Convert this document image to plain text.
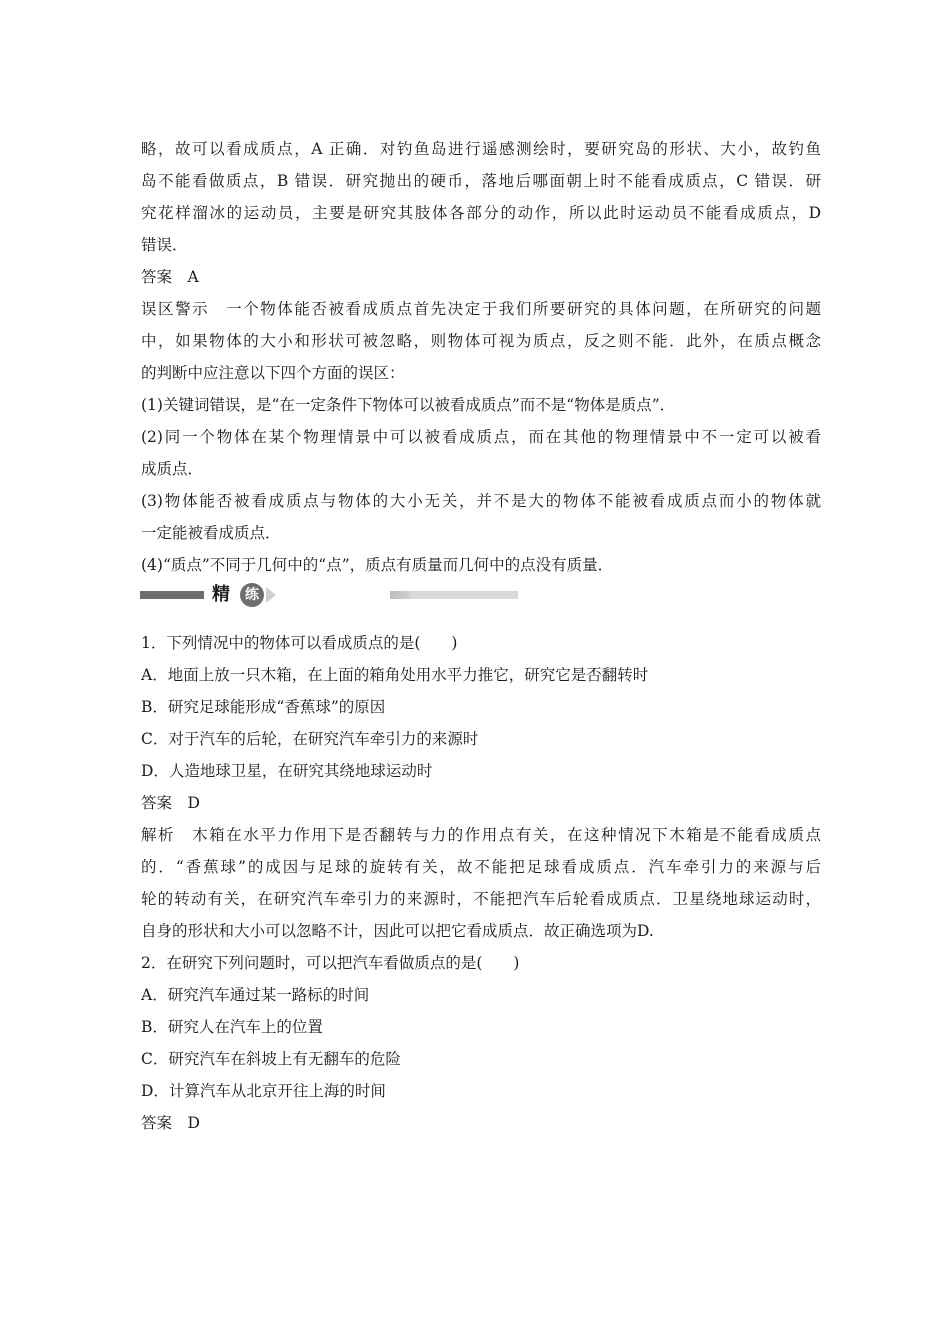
略，故可以看成质点，A 正确．对钓鱼岛进行遥感测绘时，要研究岛的形状、大小，故钓鱼
岛不能看做质点，B 错误．研究抛出的硬币，落地后哪面朝上时不能看成质点，C 错误．研
究花样溜冰的运动员，主要是研究其肢体各部分的动作，所以此时运动员不能看成质点，D
错误．
答案　A
误区警示　一个物体能否被看成质点首先决定于我们所要研究的具体问题，在所研究的问题
中，如果物体的大小和形状可被忽略，则物体可视为质点，反之则不能．此外，在质点概念
的判断中应注意以下四个方面的误区：
(1)关键词错误，是“在一定条件下物体可以被看成质点”而不是“物体是质点”．
(2)同一个物体在某个物理情景中可以被看成质点，而在其他的物理情景中不一定可以被看
成质点．
(3)物体能否被看成质点与物体的大小无关，并不是大的物体不能被看成质点而小的物体就
一定能被看成质点．
(4)“质点”不同于几何中的“点”，质点有质量而几何中的点没有质量．
精	练
1．下列情况中的物体可以看成质点的是(　　)
A．地面上放一只木箱，在上面的箱角处用水平力推它，研究它是否翻转时
B．研究足球能形成“香蕉球”的原因
C．对于汽车的后轮，在研究汽车牵引力的来源时
D．人造地球卫星，在研究其绕地球运动时
答案　D
解析　木箱在水平力作用下是否翻转与力的作用点有关，在这种情况下木箱是不能看成质点
的．“香蕉球”的成因与足球的旋转有关，故不能把足球看成质点．汽车牵引力的来源与后
轮的转动有关，在研究汽车牵引力的来源时，不能把汽车后轮看成质点．卫星绕地球运动时，
自身的形状和大小可以忽略不计，因此可以把它看成质点．故正确选项为D.
2．在研究下列问题时，可以把汽车看做质点的是(　　)
A．研究汽车通过某一路标的时间
B．研究人在汽车上的位置
C．研究汽车在斜坡上有无翻车的危险
D．计算汽车从北京开往上海的时间
答案　D
